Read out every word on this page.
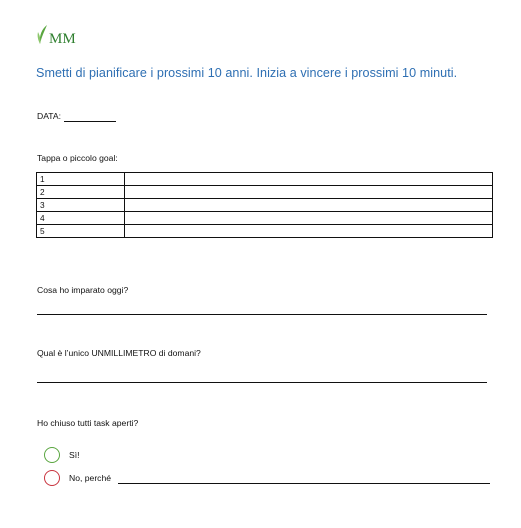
MM
Smetti di pianificare i prossimi 10 anni. Inizia a vincere i prossimi 10 minuti.
DATA:
Tappa o piccolo goal:
1	
2	
3	
4	
5	
Cosa ho imparato oggi?
Qual è l’unico UNMILLIMETRO di domani?
Ho chiuso tutti task aperti?
Sì!
No, perché
